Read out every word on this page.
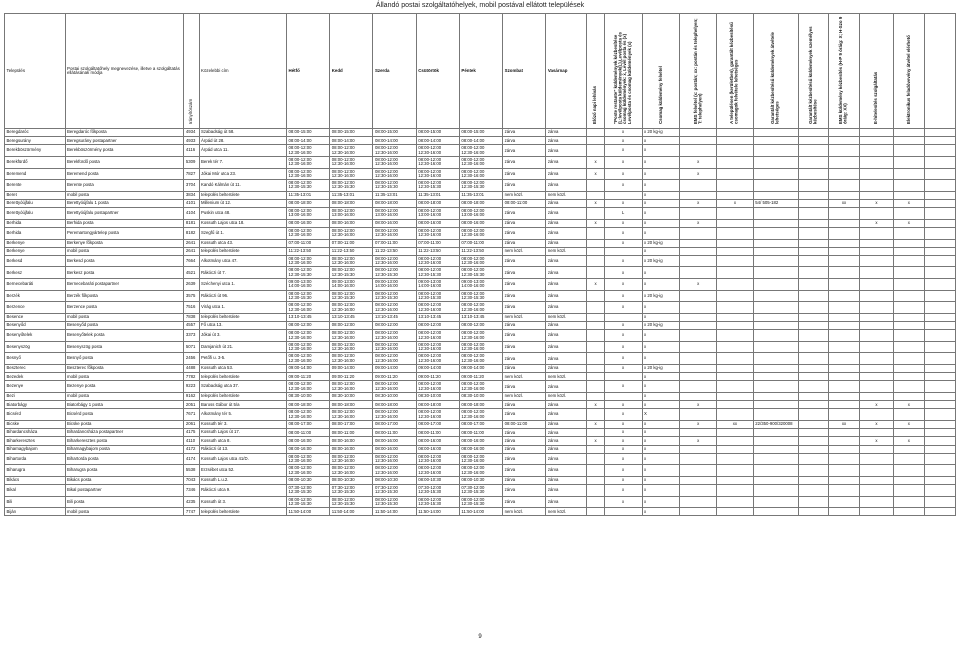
Állandó postai szolgáltatóhelyek, mobil postával ellátott települések
Település	Postai szolgáltatóhely megnevezése, illetve a szolgáltatás ellátásának módja	Irányítószám	Közelebbi cím	Hétfő	Kedd	Szerda	Csütörtök	Péntek	Szombat	Vasárnap	Előző napi lehívás	"Poste restante" küldemények kézbesítése (L:levélposta küldemények(L),Levélposta és csomag küldemények: x, Levél posta és (x) Levélposta és csomag küldemények (x)	Csomag küldemény felvétel	EMS felvétel (x: postán; xx: postán és telephelyen; T: telephelyen)	A településen (kerületben), garantált kézbesítésű csomagok felvétele lehetséges	Garantált kézbesítésű küldemények átvétele lehetséges	Garantált kézbesítésű küldemények személyes kézbesítése	EMS küldemény kézbesítés (H-P 9 óráig: X; H-Szo 9 óráig: XX)	E-hitelesítés szolgáltatás	Elektronikus feladóvevény átvétel elérhető	
Beregdaróc	Beregdaróc főkposta	4934	Szabadság út 58.	08:00-15:00	08:00-15:00	08:00-15:00	08:00-15:00	08:00-15:00	zárva	zárva		x	x 20 kg-ig								
Beregsurány	Beregsurány postapartner	4933	Árpád út 28.	08:00-14:00	08:00-14:00	08:00-14:00	08:00-14:00	08:00-14:00	zárva	zárva		x	x								
Berekböszörmény	Berekböszörmény posta	4116	Árpád utca 11.	08:00-12:00
12:30-16:00	08:00-12:00
12:30-16:00	08:00-12:00
12:30-16:00	08:00-12:00
12:30-16:00	08:00-12:00
12:30-16:00	zárva	zárva		x	x								
Berekfürdő	Berekfürdő posta	5309	Berek tér 7.	08:00-12:00
12:30-16:00	08:00-12:00
12:30-16:00	08:00-12:00
12:30-16:00	08:00-12:00
12:30-16:00	08:00-12:00
12:30-16:00	zárva	zárva	x	x	x	x							
Beremend	Beremend posta	7827	Jókai Mór utca 23.	08:00-12:00
12:30-16:00	08:00-12:00
12:30-16:00	08:00-12:00
12:30-16:00	08:00-12:00
12:30-16:00	08:00-12:00
12:30-16:00	zárva	zárva	x	x	x	x							
Berente	Berente posta	3704	Kandó Kálmán út 11.	08:00-12:00
12:30-15:30	08:00-12:00
12:30-15:30	08:00-12:00
12:30-15:30	08:00-12:00
12:30-15:30	08:00-12:00
12:30-15:30	zárva	zárva		x	x								
Beret	mobil posta	3834	település belterülete	11:35-13:01	11:35-13:01	11:35-13:01	11:35-13:01	11:35-13:01	nem közl.	nem közl.			x								
Berettyóújfalu	Berettyóújfalu 1 posta	4101	Millenium út 12.	08:00-18:00	08:00-18:00	08:00-18:00	08:00-18:00	08:00-18:00	08:00-11:00	zárva	x	x	x	x	x	54/ 505-182		xx	x	x	
Berettyóújfalu	Berettyóújfalu postapartner	4104	Puskin utca 48.	08:00-12:00
13:00-16:00	08:00-12:00
13:00-16:00	08:00-12:00
13:00-16:00	08:00-12:00
13:00-16:00	08:00-12:00
13:00-16:00	zárva	zárva		L	x								
Berhida	Berhida posta	8181	Kossuth Lajos utca 18.	08:00-16:00	08:00-16:00	08:00-16:00	08:00-16:00	08:00-16:00	zárva	zárva	x	x	x	x					x	x	
Berhida	Peremartongyártelep posta	8182	Szegfű út 1.	08:00-12:00
12:30-16:00	08:00-12:00
12:30-16:00	08:00-12:00
12:30-16:00	08:00-12:00
12:30-16:00	08:00-12:00
12:30-16:00	zárva	zárva		x	x								
Berkenye	Berkenye főkposta	2641	Kossuth utca 43.	07:00-11:00	07:00-11:00	07:00-11:00	07:00-11:00	07:00-11:00	zárva	zárva		x	x 20 kg-ig								
Berkenye	mobil posta	2641	település belterülete	11:22-13:50	11:22-13:50	11:22-13:50	11:22-13:50	11:22-13:50	nem közl.	nem közl.			x								
Berkesd	Berkesd posta	7664	Alkotmány utca 47.	08:00-12:00
12:30-16:00	08:00-12:00
12:30-16:00	08:00-12:00
12:30-16:00	08:00-12:00
12:30-16:00	08:00-12:00
12:30-16:00	zárva	zárva		x	x 20 kg-ig								
Berkesz	Berkesz posta	4521	Rákóczi út 7.	08:00-12:00
12:30-15:30	08:00-12:00
12:30-15:30	08:00-12:00
12:30-15:30	08:00-12:00
12:30-15:30	08:00-12:00
12:30-15:30	zárva	zárva		x	x								
Bernecebaráti	Bernecebaráti postapartner	2639	Széchenyi utca 1.	09:00-13:00
14:00-16:00	09:00-13:00
14:00-16:00	09:00-13:00
14:00-16:00	09:00-13:00
14:00-16:00	09:00-13:00
14:00-16:00	zárva	zárva	x	x	x	x							
Berzék	Berzék főkposta	3575	Rákóczi út 96.	08:00-12:00
12:30-15:30	08:00-12:00
12:30-15:30	08:00-12:00
12:30-15:30	08:00-12:00
12:30-15:30	08:00-12:00
12:30-15:30	zárva	zárva		x	x 20 kg-ig								
Berzence	Berzence posta	7516	Virág utca 1.	08:00-12:00
12:30-16:00	08:00-12:00
12:30-16:00	08:00-12:00
12:30-16:00	08:00-12:00
12:30-16:00	08:00-12:00
12:30-16:00	zárva	zárva		x	x								
Besence	mobil posta	7838	település belterülete	13:10-13:45	13:10-13:45	13:10-13:45	13:10-13:45	13:10-13:45	nem közl.	nem közl.			x								
Besenyőd	Besenyőd posta	4557	Fő utca 13.	08:00-12:00	08:00-12:00	08:00-12:00	08:00-12:00	08:00-12:00	zárva	zárva		x	x 20 kg-ig								
Besenyőtelek	Besenyőtelek posta	3373	Jókai út 3.	08:00-12:00
12:30-16:00	08:00-12:00
12:30-16:00	08:00-12:00
12:30-16:00	08:00-12:00
12:30-16:00	08:00-12:00
12:30-16:00	zárva	zárva		x	x								
Besenyszög	Besenyszög posta	5071	Damjanich út 21.	08:00-12:00
12:30-16:00	08:00-12:00
12:30-16:00	08:00-12:00
12:30-16:00	08:00-12:00
12:30-16:00	08:00-12:00
12:30-16:00	zárva	zárva		x	x								
Besnyő	Besnyő posta	2456	Petőfi u. 3-5.	08:00-12:00
12:30-16:00	08:00-12:00
12:30-16:00	08:00-12:00
12:30-16:00	08:00-12:00
12:30-16:00	08:00-12:00
12:30-16:00	zárva	zárva		x	x								
Beszterec	Beszterec főkposta	4488	Kossuth utca 53.	09:00-14:00	09:00-14:00	09:00-14:00	09:00-14:00	09:00-14:00	zárva	zárva		x	x 20 kg-ig								
Bezedek	mobil posta	7782	település belterülete	09:00-11:20	09:00-11:20	09:00-11:20	09:00-11:20	09:00-11:20	nem közl.	nem közl.			x								
Bezenye	Bezenye posta	9223	Szabadság utca 37.	08:00-12:00
12:30-16:00	08:00-12:00
12:30-16:00	08:00-12:00
12:30-16:00	08:00-12:00
12:30-16:00	08:00-12:00
12:30-16:00	zárva	zárva		x	x								
Bezi	mobil posta	9162	település belterülete	08:30-10:00	08:30-10:00	08:30-10:00	08:30-10:00	08:30-10:00	nem közl.	nem közl.			x								
Biatorbágy	Biatorbágy 1 posta	2051	Baross Gábor út 5/a	08:00-18:00	08:00-18:00	08:00-18:00	08:00-18:00	08:00-18:00	zárva	zárva	x	x	x	x					x	x	
Bicsérd	Bicsérd posta	7671	Alkotmány tér 5.	08:00-12:00
12:30-16:00	08:00-12:00
12:30-16:00	08:00-12:00
12:30-16:00	08:00-12:00
12:30-16:00	08:00-12:00
12:30-16:00	zárva	zárva		x	X								
Bicske	Bicske posta	2061	Kossuth tér 3.	08:00-17:00	08:00-17:00	08:00-17:00	08:00-17:00	08:00-17:00	08:00-11:00	zárva	x	x	x	x	xx	22/350-900/320008		xx	x	x	
Bihardancsháza	Bihardancsháza postapartner	4175	Kossuth Lajos út 17.	08:00-11:00	08:00-11:00	08:00-11:00	08:00-11:00	08:00-11:00	zárva	zárva		x	x								
Biharkeresztes	Biharkeresztes posta	4110	Kossuth utca 8.	08:00-16:00	08:00-16:00	08:00-16:00	08:00-16:00	08:00-16:00	zárva	zárva	x	x	x	x					x	x	
Biharnagybajom	Biharnagybajom posta	4172	Rákóczi út 13.	08:00-16:00	08:00-16:00	08:00-16:00	08:00-16:00	08:00-16:00	zárva	zárva		x	x								
Bihartorda	Bihartorda posta	4174	Kossuth Lajos utca 41/D.	08:00-12:00
12:30-16:00	08:00-12:00
12:30-16:00	08:00-12:00
12:30-16:00	08:00-12:00
12:30-16:00	08:00-12:00
12:30-16:00	zárva	zárva		x	x								
Biharugra	Biharugra posta	5538	Erzsébet utca 52.	08:00-12:00
12:30-16:00	08:00-12:00
12:30-16:00	08:00-12:00
12:30-16:00	08:00-12:00
12:30-16:00	08:00-12:00
12:30-16:00	zárva	zárva		x	x								
Bikács	Bikács posta	7043	Kossuth L.u.2.	08:00-10:30	08:00-10:30	08:00-10:30	08:00-10:30	08:00-10:30	zárva	zárva		x	x								
Bikal	Bikal postapartner	7346	Rákóczi utca 9.	07:30-12:00
12:30-15:30	07:30-12:00
12:30-15:30	07:30-12:00
12:30-15:30	07:30-12:00
12:30-15:30	07:30-12:00
12:30-15:30	zárva	zárva		x	x								
Bili	Bili posta	4235	Kossuth út 3.	08:00-12:00
12:30-15:30	08:00-12:00
12:30-15:30	08:00-12:00
12:30-15:30	08:00-12:00
12:30-15:30	08:00-12:00
12:30-15:30	zárva	zárva		x	x								
Biján	mobil posta	7747	település belterülete	11:50-14:00	11:50-14:00	11:50-14:00	11:50-14:00	11:50-14:00	nem közl.	nem közl.			x								
9
